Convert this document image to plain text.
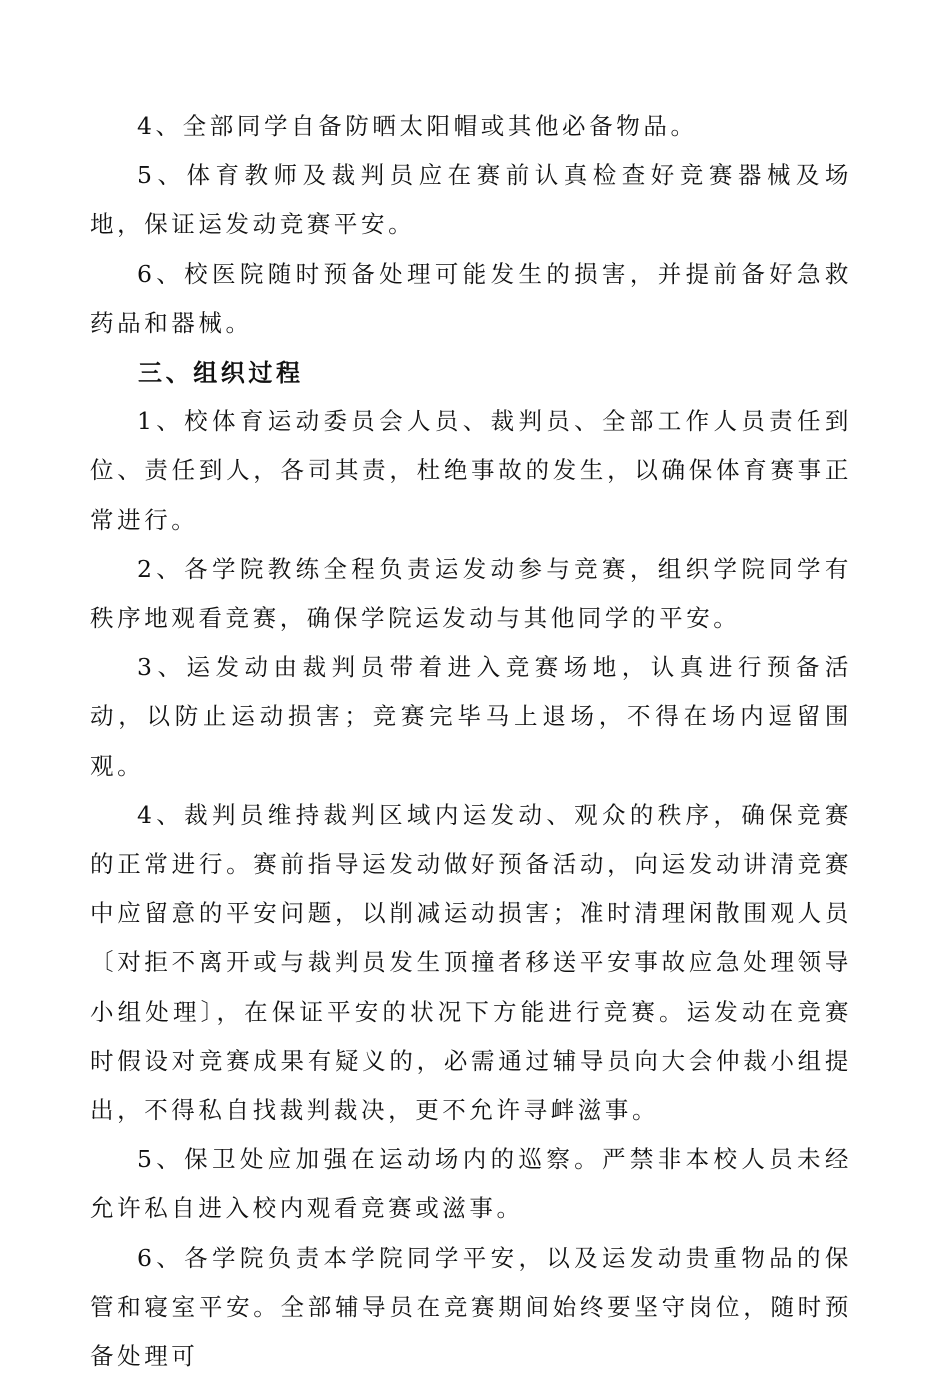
4、全部同学自备防晒太阳帽或其他必备物品。

5、体育教师及裁判员应在赛前认真检查好竞赛器械及场地，保证运发动竞赛平安。

6、校医院随时预备处理可能发生的损害，并提前备好急救药品和器械。

三、组织过程

1、校体育运动委员会人员、裁判员、全部工作人员责任到位、责任到人，各司其责，杜绝事故的发生，以确保体育赛事正常进行。

2、各学院教练全程负责运发动参与竞赛，组织学院同学有秩序地观看竞赛，确保学院运发动与其他同学的平安。

3、运发动由裁判员带着进入竞赛场地，认真进行预备活动，以防止运动损害；竞赛完毕马上退场，不得在场内逗留围观。

4、裁判员维持裁判区域内运发动、观众的秩序，确保竞赛的正常进行。赛前指导运发动做好预备活动，向运发动讲清竞赛中应留意的平安问题，以削减运动损害；准时清理闲散围观人员〔对拒不离开或与裁判员发生顶撞者移送平安事故应急处理领导小组处理〕，在保证平安的状况下方能进行竞赛。运发动在竞赛时假设对竞赛成果有疑义的，必需通过辅导员向大会仲裁小组提出，不得私自找裁判裁决，更不允许寻衅滋事。

5、保卫处应加强在运动场内的巡察。严禁非本校人员未经允许私自进入校内观看竞赛或滋事。

6、各学院负责本学院同学平安，以及运发动贵重物品的保管和寝室平安。全部辅导员在竞赛期间始终要坚守岗位，随时预备处理可
